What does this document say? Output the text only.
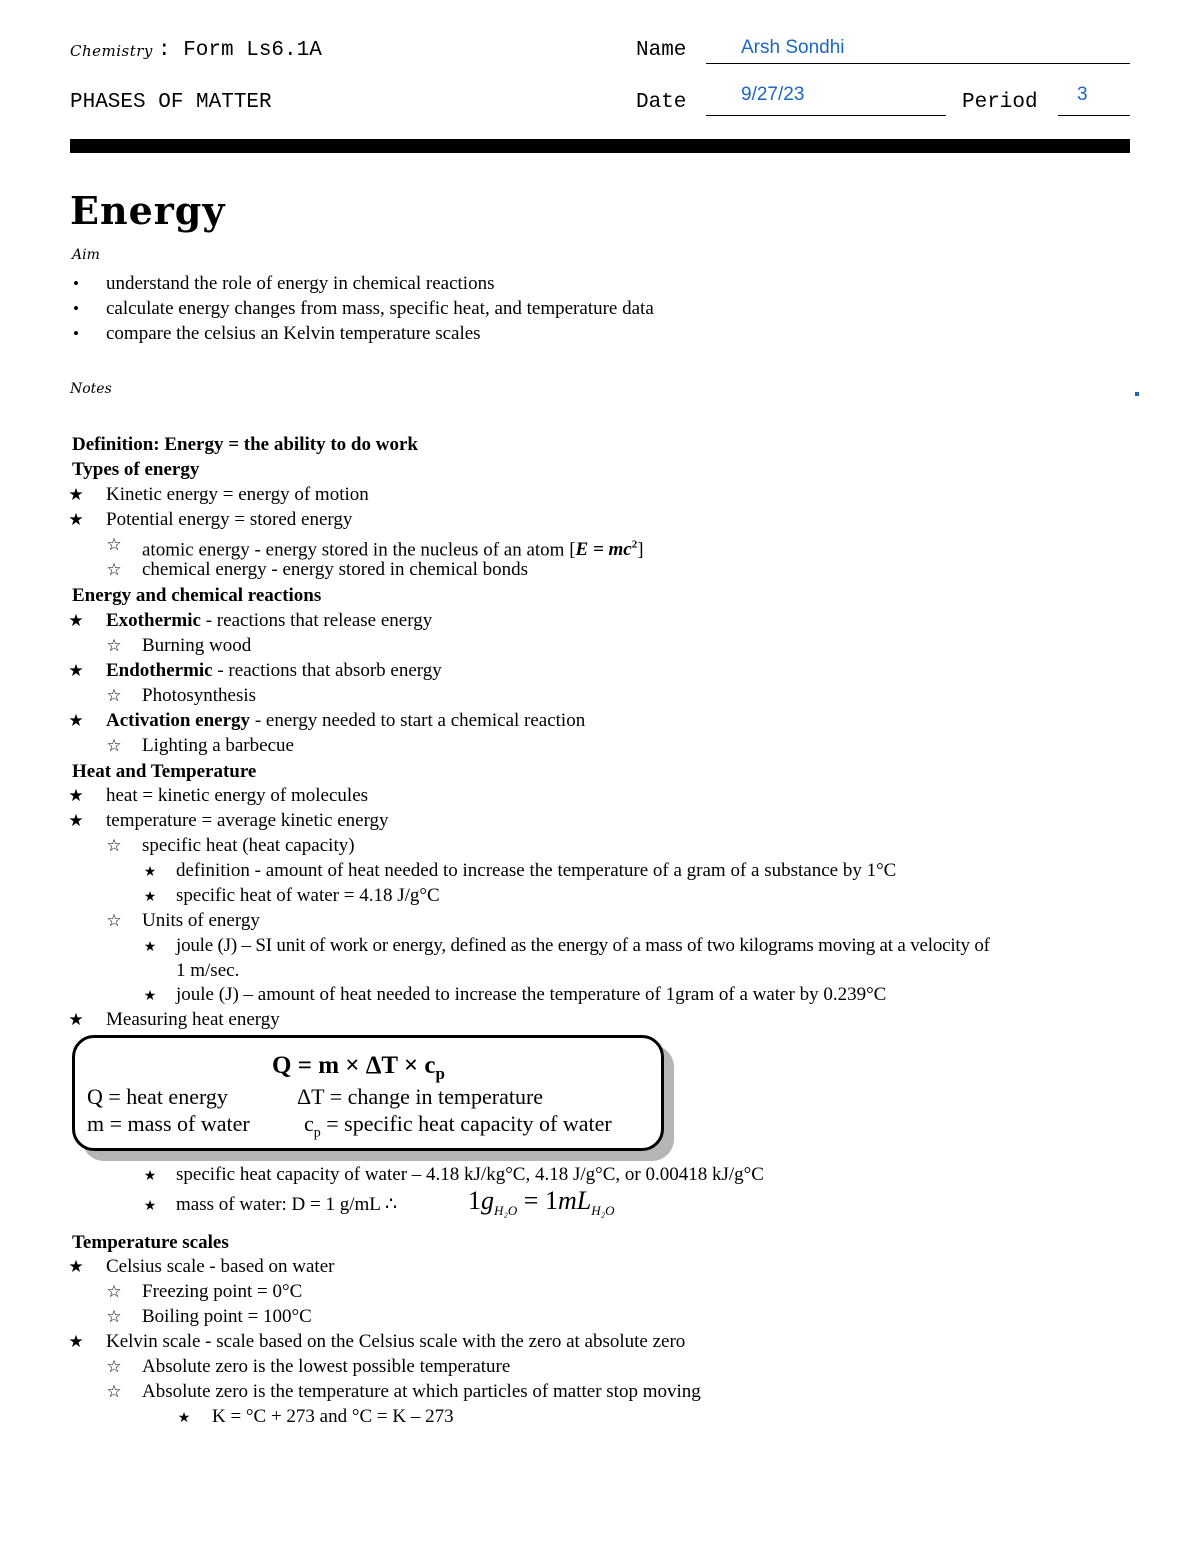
Chemistry : Form Ls6.1A
PHASES OF MATTER
Name	Arsh Sondhi
Date	9/27/23	Period 3
Energy
Aim
• understand the role of energy in chemical reactions
• calculate energy changes from mass, specific heat, and temperature data
• compare the celsius an Kelvin temperature scales
Notes
Definition: Energy = the ability to do work
Types of energy
★ Kinetic energy = energy of motion
★ Potential energy = stored energy
☆ atomic energy - energy stored in the nucleus of an atom $[E = mc^2]$
☆ chemical energy - energy stored in chemical bonds
Energy and chemical reactions
★ Exothermic - reactions that release energy
☆ Burning wood
★ Endothermic - reactions that absorb energy
☆ Photosynthesis
★ Activation energy - energy needed to start a chemical reaction
☆ Lighting a barbecue
Heat and Temperature
★ heat = kinetic energy of molecules
★ temperature = average kinetic energy
☆ specific heat (heat capacity)
★ definition - amount of heat needed to increase the temperature of a gram of a substance by 1°C
★ specific heat of water = 4.18 J/g°C
☆ Units of energy
★ joule (J) – SI unit of work or energy, defined as the energy of a mass of two kilograms moving at a velocity of
1 m/sec.
★ joule (J) – amount of heat needed to increase the temperature of 1gram of a water by 0.239°C
★ Measuring heat energy
$Q = m \times \Delta T \times c_p$
Q = heat energy	ΔT = change in temperature
m = mass of water $c_p$ = specific heat capacity of water
★ specific heat capacity of water – 4.18 kJ/kg°C, 4.18 J/g°C, or 0.00418 kJ/g°C
★ mass of water: D = 1 g/mL ∴	$1g_{H_2O} = 1mL_{H_2O}$
Temperature scales
★ Celsius scale - based on water
☆ Freezing point = 0°C
☆ Boiling point = 100°C
★ Kelvin scale - scale based on the Celsius scale with the zero at absolute zero
☆ Absolute zero is the lowest possible temperature
☆ Absolute zero is the temperature at which particles of matter stop moving
★ K = °C + 273 and °C = K – 273
